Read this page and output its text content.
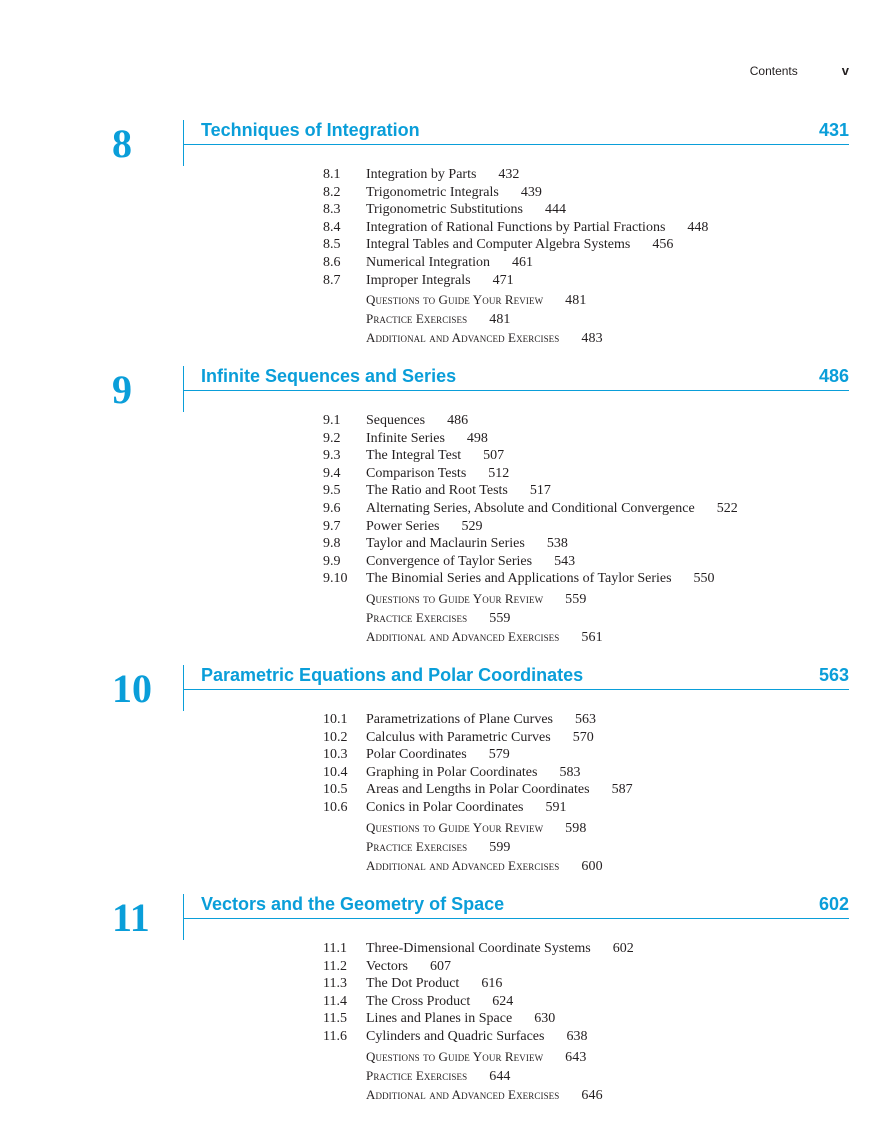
Contents	v
8	Techniques of Integration	431
8.1 Integration by Parts 432
8.2 Trigonometric Integrals 439
8.3 Trigonometric Substitutions 444
8.4 Integration of Rational Functions by Partial Fractions 448
8.5 Integral Tables and Computer Algebra Systems 456
8.6 Numerical Integration 461
8.7 Improper Integrals 471
Questions to Guide Your Review 481
Practice Exercises 481
Additional and Advanced Exercises 483
9	Infinite Sequences and Series	486
9.1 Sequences 486
9.2 Infinite Series 498
9.3 The Integral Test 507
9.4 Comparison Tests 512
9.5 The Ratio and Root Tests 517
9.6 Alternating Series, Absolute and Conditional Convergence 522
9.7 Power Series 529
9.8 Taylor and Maclaurin Series 538
9.9 Convergence of Taylor Series 543
9.10 The Binomial Series and Applications of Taylor Series 550
Questions to Guide Your Review 559
Practice Exercises 559
Additional and Advanced Exercises 561
10	Parametric Equations and Polar Coordinates	563
10.1 Parametrizations of Plane Curves 563
10.2 Calculus with Parametric Curves 570
10.3 Polar Coordinates 579
10.4 Graphing in Polar Coordinates 583
10.5 Areas and Lengths in Polar Coordinates 587
10.6 Conics in Polar Coordinates 591
Questions to Guide Your Review 598
Practice Exercises 599
Additional and Advanced Exercises 600
11	Vectors and the Geometry of Space	602
11.1 Three-Dimensional Coordinate Systems 602
11.2 Vectors 607
11.3 The Dot Product 616
11.4 The Cross Product 624
11.5 Lines and Planes in Space 630
11.6 Cylinders and Quadric Surfaces 638
Questions to Guide Your Review 643
Practice Exercises 644
Additional and Advanced Exercises 646
